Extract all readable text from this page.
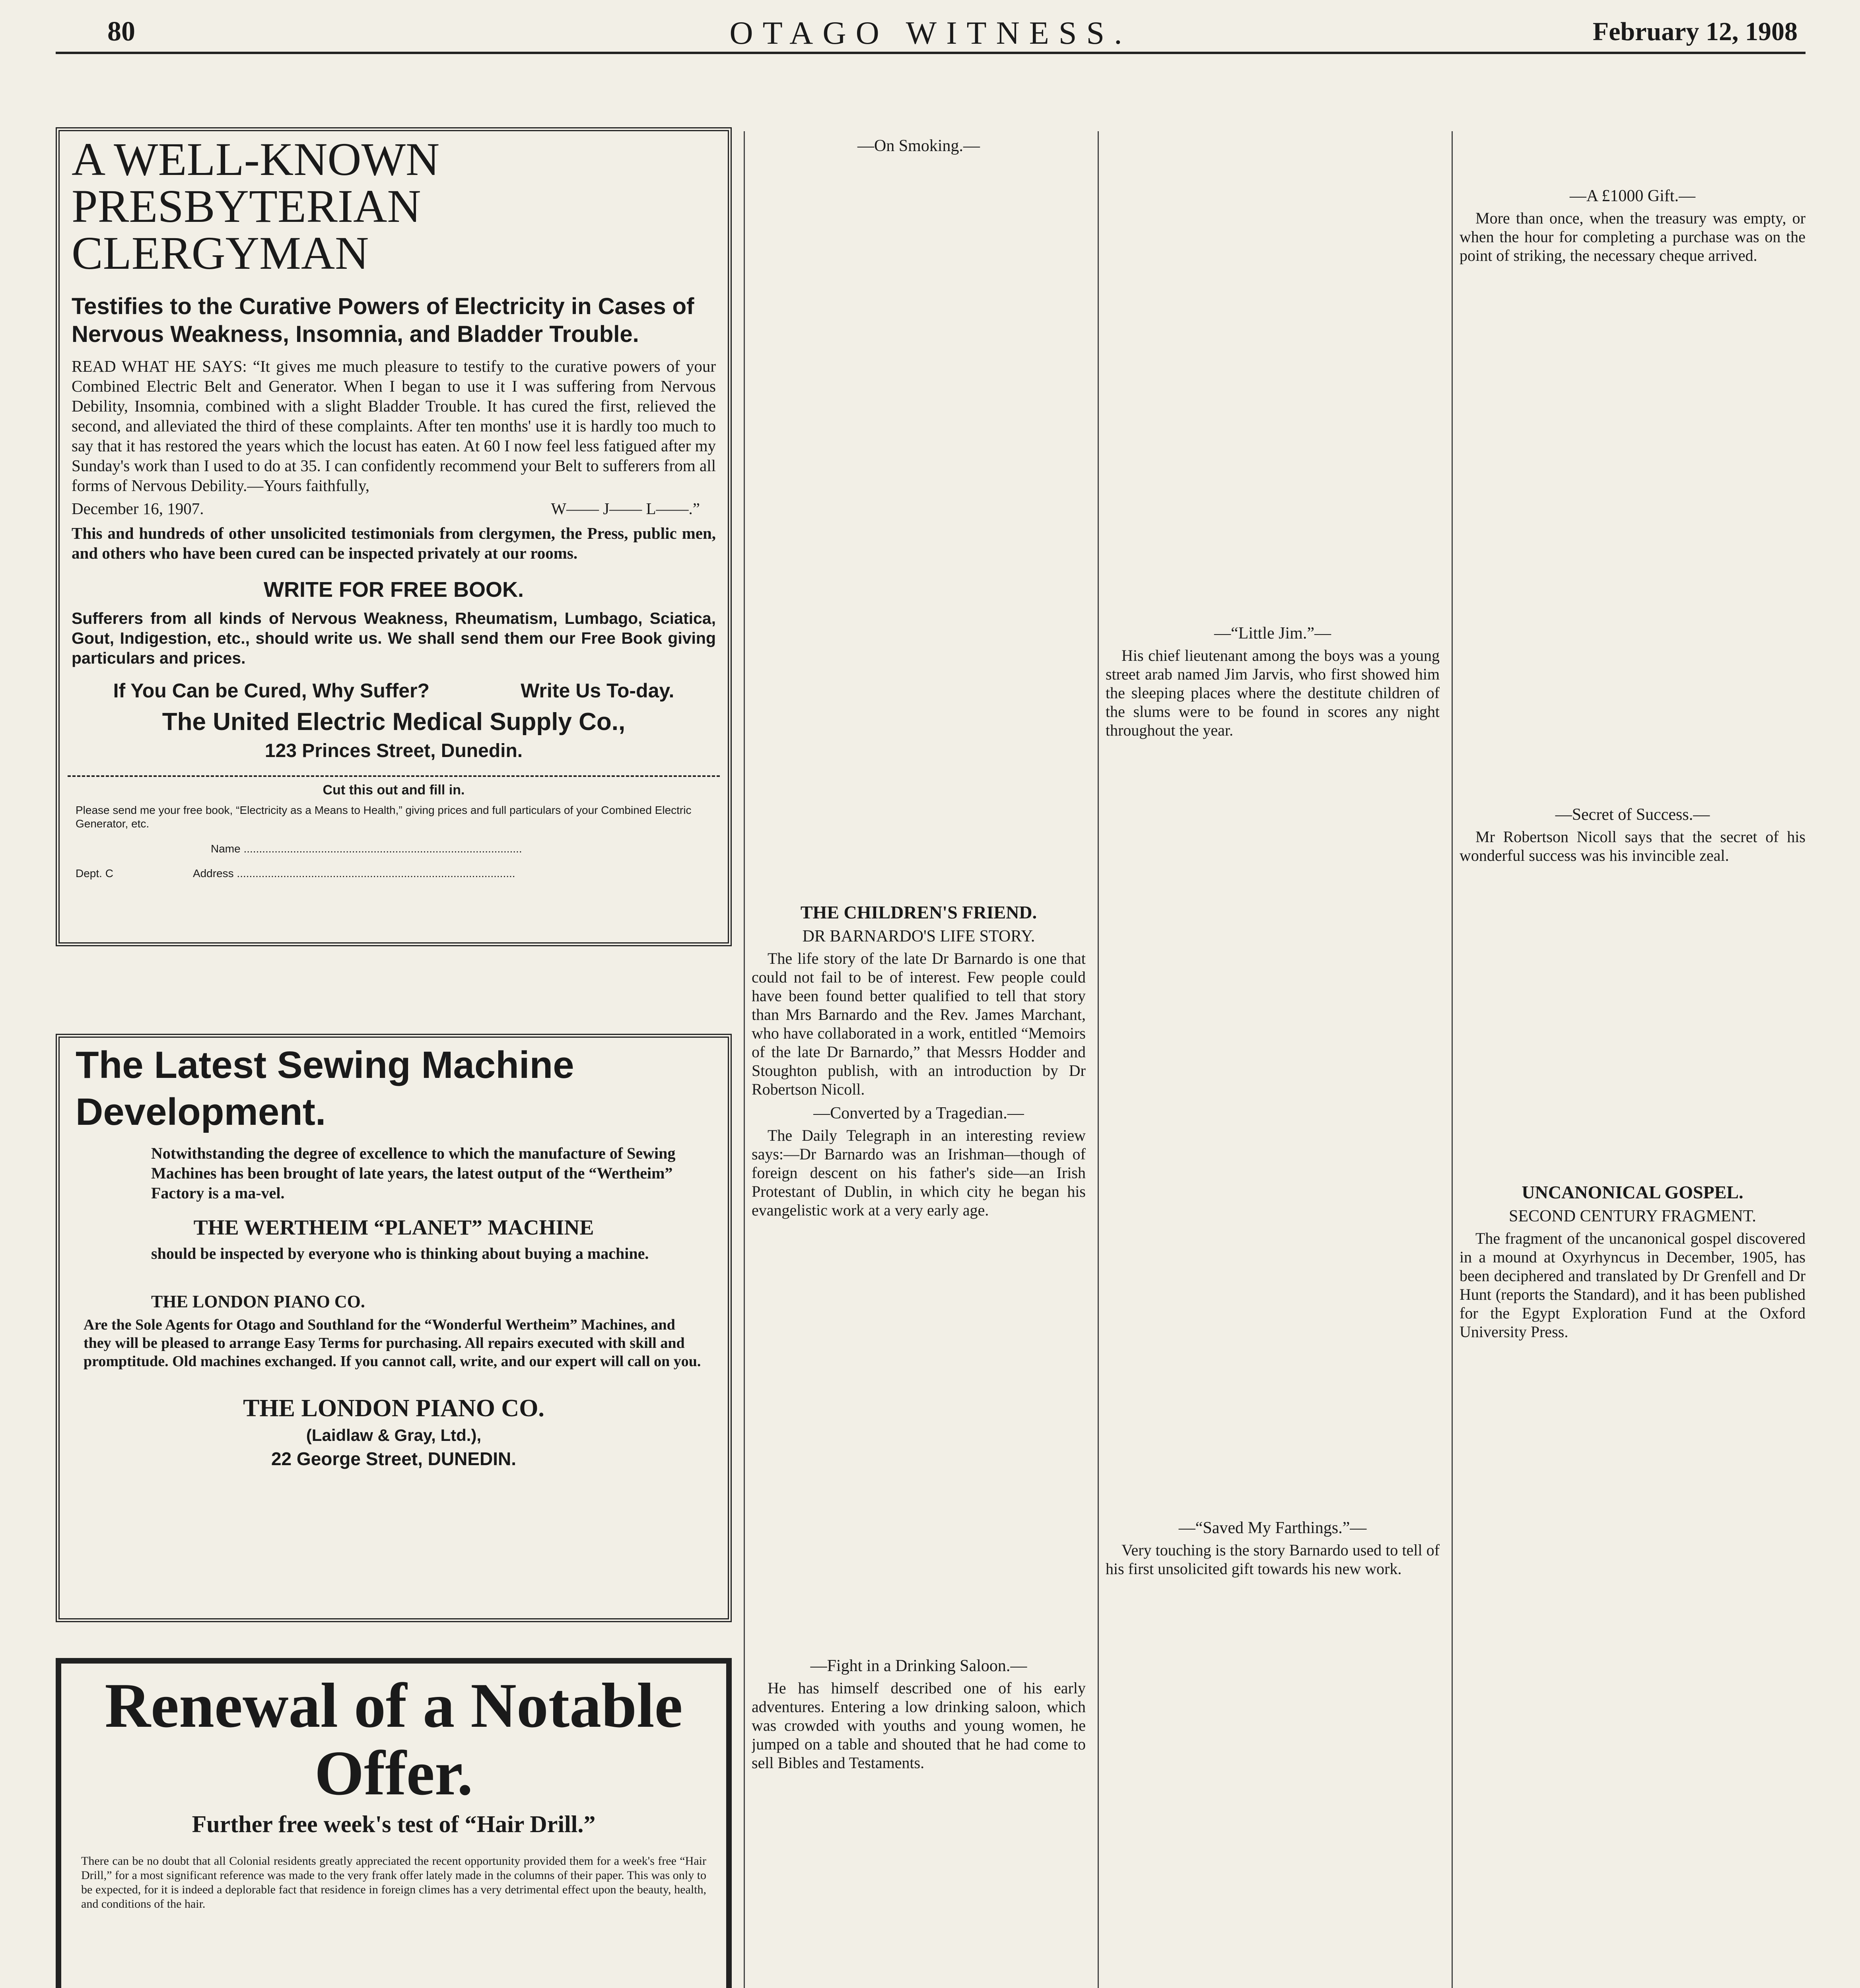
80	OTAGO WITNESS.	February 12, 1908
A WELL-KNOWN PRESBYTERIAN CLERGYMAN
Testifies to the Curative Powers of Electricity in Cases of Nervous Weakness, Insomnia, and Bladder Trouble.
READ WHAT HE SAYS: “It gives me much pleasure to testify to the curative powers of your Combined Electric Belt and Generator. When I began to use it I was suffering from Nervous Debility, Insomnia, combined with a slight Bladder Trouble. It has cured the first, relieved the second, and alleviated the third of these complaints. After ten months' use it is hardly too much to say that it has restored the years which the locust has eaten. At 60 I now feel less fatigued after my Sunday's work than I used to do at 35. I can confidently recommend your Belt to sufferers from all forms of Nervous Debility.—Yours faithfully,
December 16, 1907.	W—— J—— L——.”
This and hundreds of other unsolicited testimonials from clergymen, the Press, public men, and others who have been cured can be inspected privately at our rooms.
WRITE FOR FREE BOOK.
Sufferers from all kinds of Nervous Weakness, Rheumatism, Lumbago, Sciatica, Gout, Indigestion, etc., should write us. We shall send them our Free Book giving particulars and prices.
If You Can be Cured, Why Suffer?	Write Us To-day.
The United Electric Medical Supply Co.,
123 Princes Street, Dunedin.
Cut this out and fill in.
Please send me your free book, “Electricity as a Means to Health,” giving prices and full particulars of your Combined Electric Generator, etc.
Name ..........................................................................................
Dept. C	Address ..........................................................................................
The Latest Sewing Machine Development.
Notwithstanding the degree of excellence to which the manufacture of Sewing Machines has been brought of late years, the latest output of the “Wertheim” Factory is a ma-vel.
THE WERTHEIM “PLANET” MACHINE
should be inspected by everyone who is thinking about buying a machine.
THE LONDON PIANO CO.
Are the Sole Agents for Otago and Southland for the “Wonderful Wertheim” Machines, and they will be pleased to arrange Easy Terms for purchasing. All repairs executed with skill and promptitude. Old machines exchanged. If you cannot call, write, and our expert will call on you.
THE LONDON PIANO CO.
(Laidlaw & Gray, Ltd.),
22 George Street, DUNEDIN.
Renewal of a Notable Offer.
Further free week's test of “Hair Drill.”
There can be no doubt that all Colonial residents greatly appreciated the recent opportunity provided them for a week's free “Hair Drill,” for a most significant reference was made to the very frank offer lately made in the columns of their paper. This was only to be expected, for it is indeed a deplorable fact that residence in foreign climes has a very detrimental effect upon the beauty, health, and conditions of the hair.

—On Smoking.—

THE CHILDREN'S FRIEND.

DR BARNARDO'S LIFE STORY.

The life story of the late Dr Barnardo is one that could not fail to be of interest. Few people could have been found better qualified to tell that story than Mrs Barnardo and the Rev. James Marchant, who have collaborated in a work, entitled “Memoirs of the late Dr Barnardo,” that Messrs Hodder and Stoughton publish, with an introduction by Dr Robertson Nicoll.

—Converted by a Tragedian.—

The Daily Telegraph in an interesting review says:—Dr Barnardo was an Irishman—though of foreign descent on his father's side—an Irish Protestant of Dublin, in which city he began his evangelistic work at a very early age.

—Fight in a Drinking Saloon.—

He has himself described one of his early adventures. Entering a low drinking saloon, which was crowded with youths and young women, he jumped on a table and shouted that he had come to sell Bibles and Testaments.

—“Little Jim.”—

His chief lieutenant among the boys was a young street arab named Jim Jarvis, who first showed him the sleeping places where the destitute children of the slums were to be found in scores any night throughout the year.

—“Saved My Farthings.”—

Very touching is the story Barnardo used to tell of his first unsolicited gift towards his new work.

—A £1000 Gift.—

More than once, when the treasury was empty, or when the hour for completing a purchase was on the point of striking, the necessary cheque arrived.

—Secret of Success.—

Mr Robertson Nicoll says that the secret of his wonderful success was his invincible zeal.

UNCANONICAL GOSPEL.

SECOND CENTURY FRAGMENT.

The fragment of the uncanonical gospel discovered in a mound at Oxyrhyncus in December, 1905, has been deciphered and translated by Dr Grenfell and Dr Hunt (reports the Standard), and it has been published for the Egypt Exploration Fund at the Oxford University Press.
